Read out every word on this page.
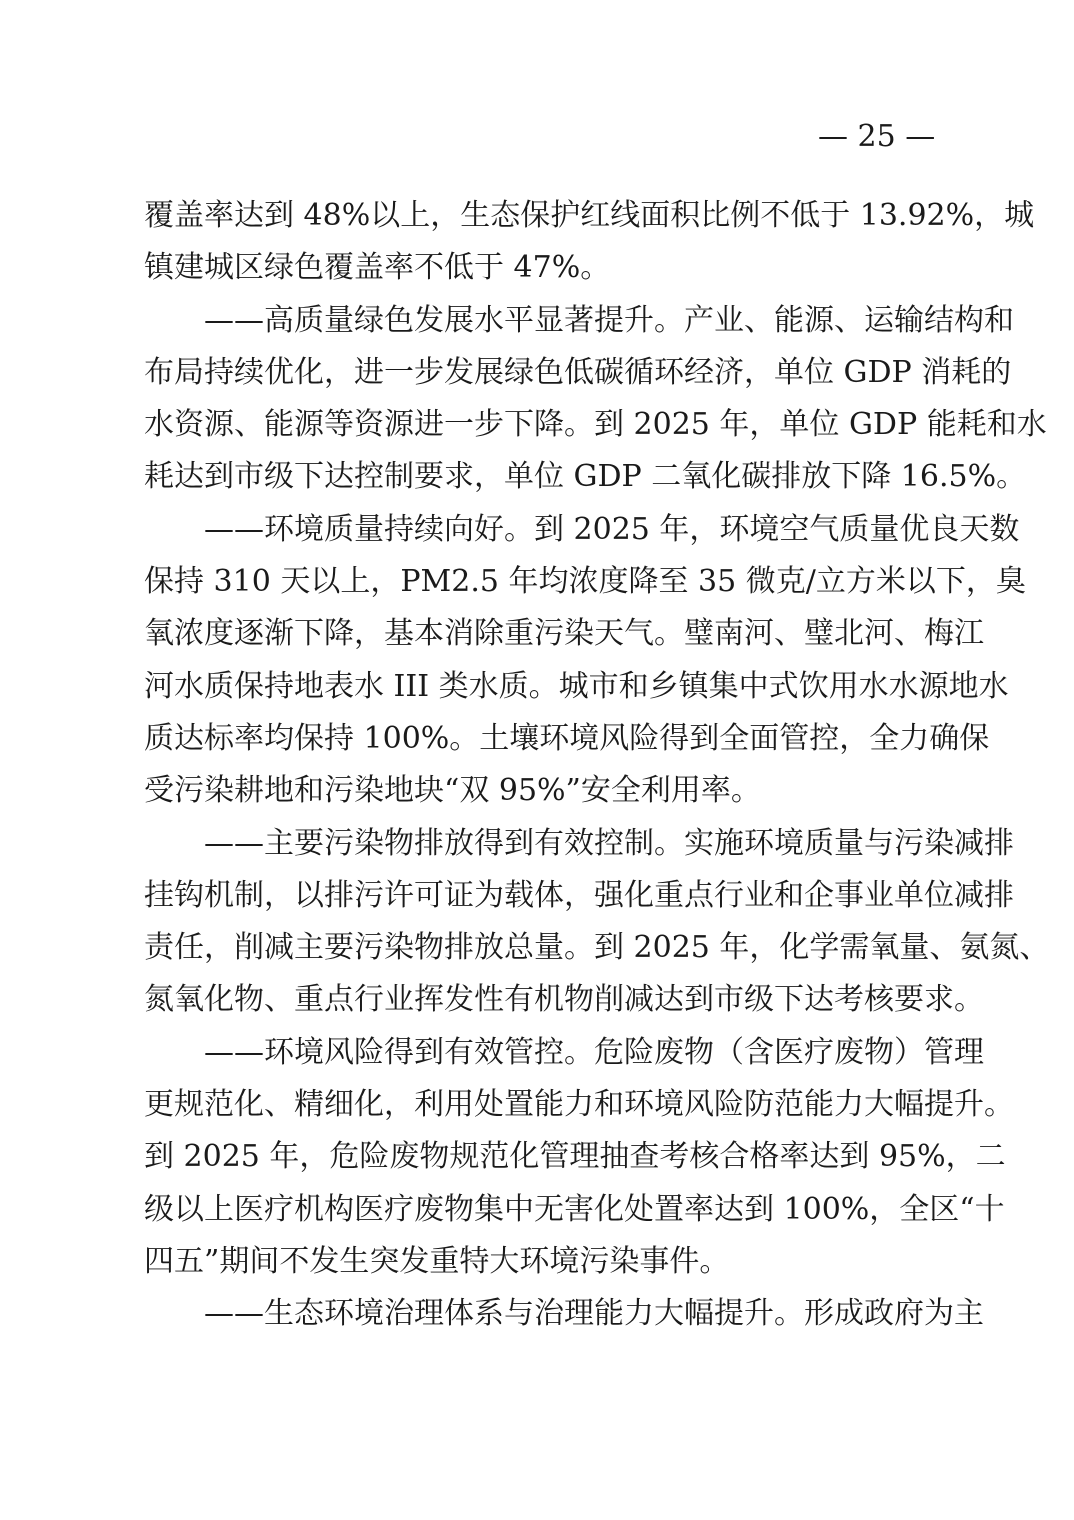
覆盖率达到 48%以上，生态保护红线面积比例不低于 13.92%，城
镇建城区绿色覆盖率不低于 47%。
——高质量绿色发展水平显著提升。产业、能源、运输结构和
布局持续优化，进一步发展绿色低碳循环经济，单位 GDP 消耗的
水资源、能源等资源进一步下降。到 2025 年，单位 GDP 能耗和水
耗达到市级下达控制要求，单位 GDP 二氧化碳排放下降 16.5%。
——环境质量持续向好。到 2025 年，环境空气质量优良天数
保持 310 天以上，PM2.5 年均浓度降至 35 微克/立方米以下，臭
氧浓度逐渐下降，基本消除重污染天气。璧南河、璧北河、梅江
河水质保持地表水 III 类水质。城市和乡镇集中式饮用水水源地水
质达标率均保持 100%。土壤环境风险得到全面管控，全力确保
受污染耕地和污染地块“双 95%”安全利用率。
——主要污染物排放得到有效控制。实施环境质量与污染减排
挂钩机制，以排污许可证为载体，强化重点行业和企事业单位减排
责任，削减主要污染物排放总量。到 2025 年，化学需氧量、氨氮、
氮氧化物、重点行业挥发性有机物削减达到市级下达考核要求。
——环境风险得到有效管控。危险废物（含医疗废物）管理
更规范化、精细化，利用处置能力和环境风险防范能力大幅提升。
到 2025 年，危险废物规范化管理抽查考核合格率达到 95%，二
级以上医疗机构医疗废物集中无害化处置率达到 100%，全区“十
四五”期间不发生突发重特大环境污染事件。
——生态环境治理体系与治理能力大幅提升。形成政府为主
— 25 —
